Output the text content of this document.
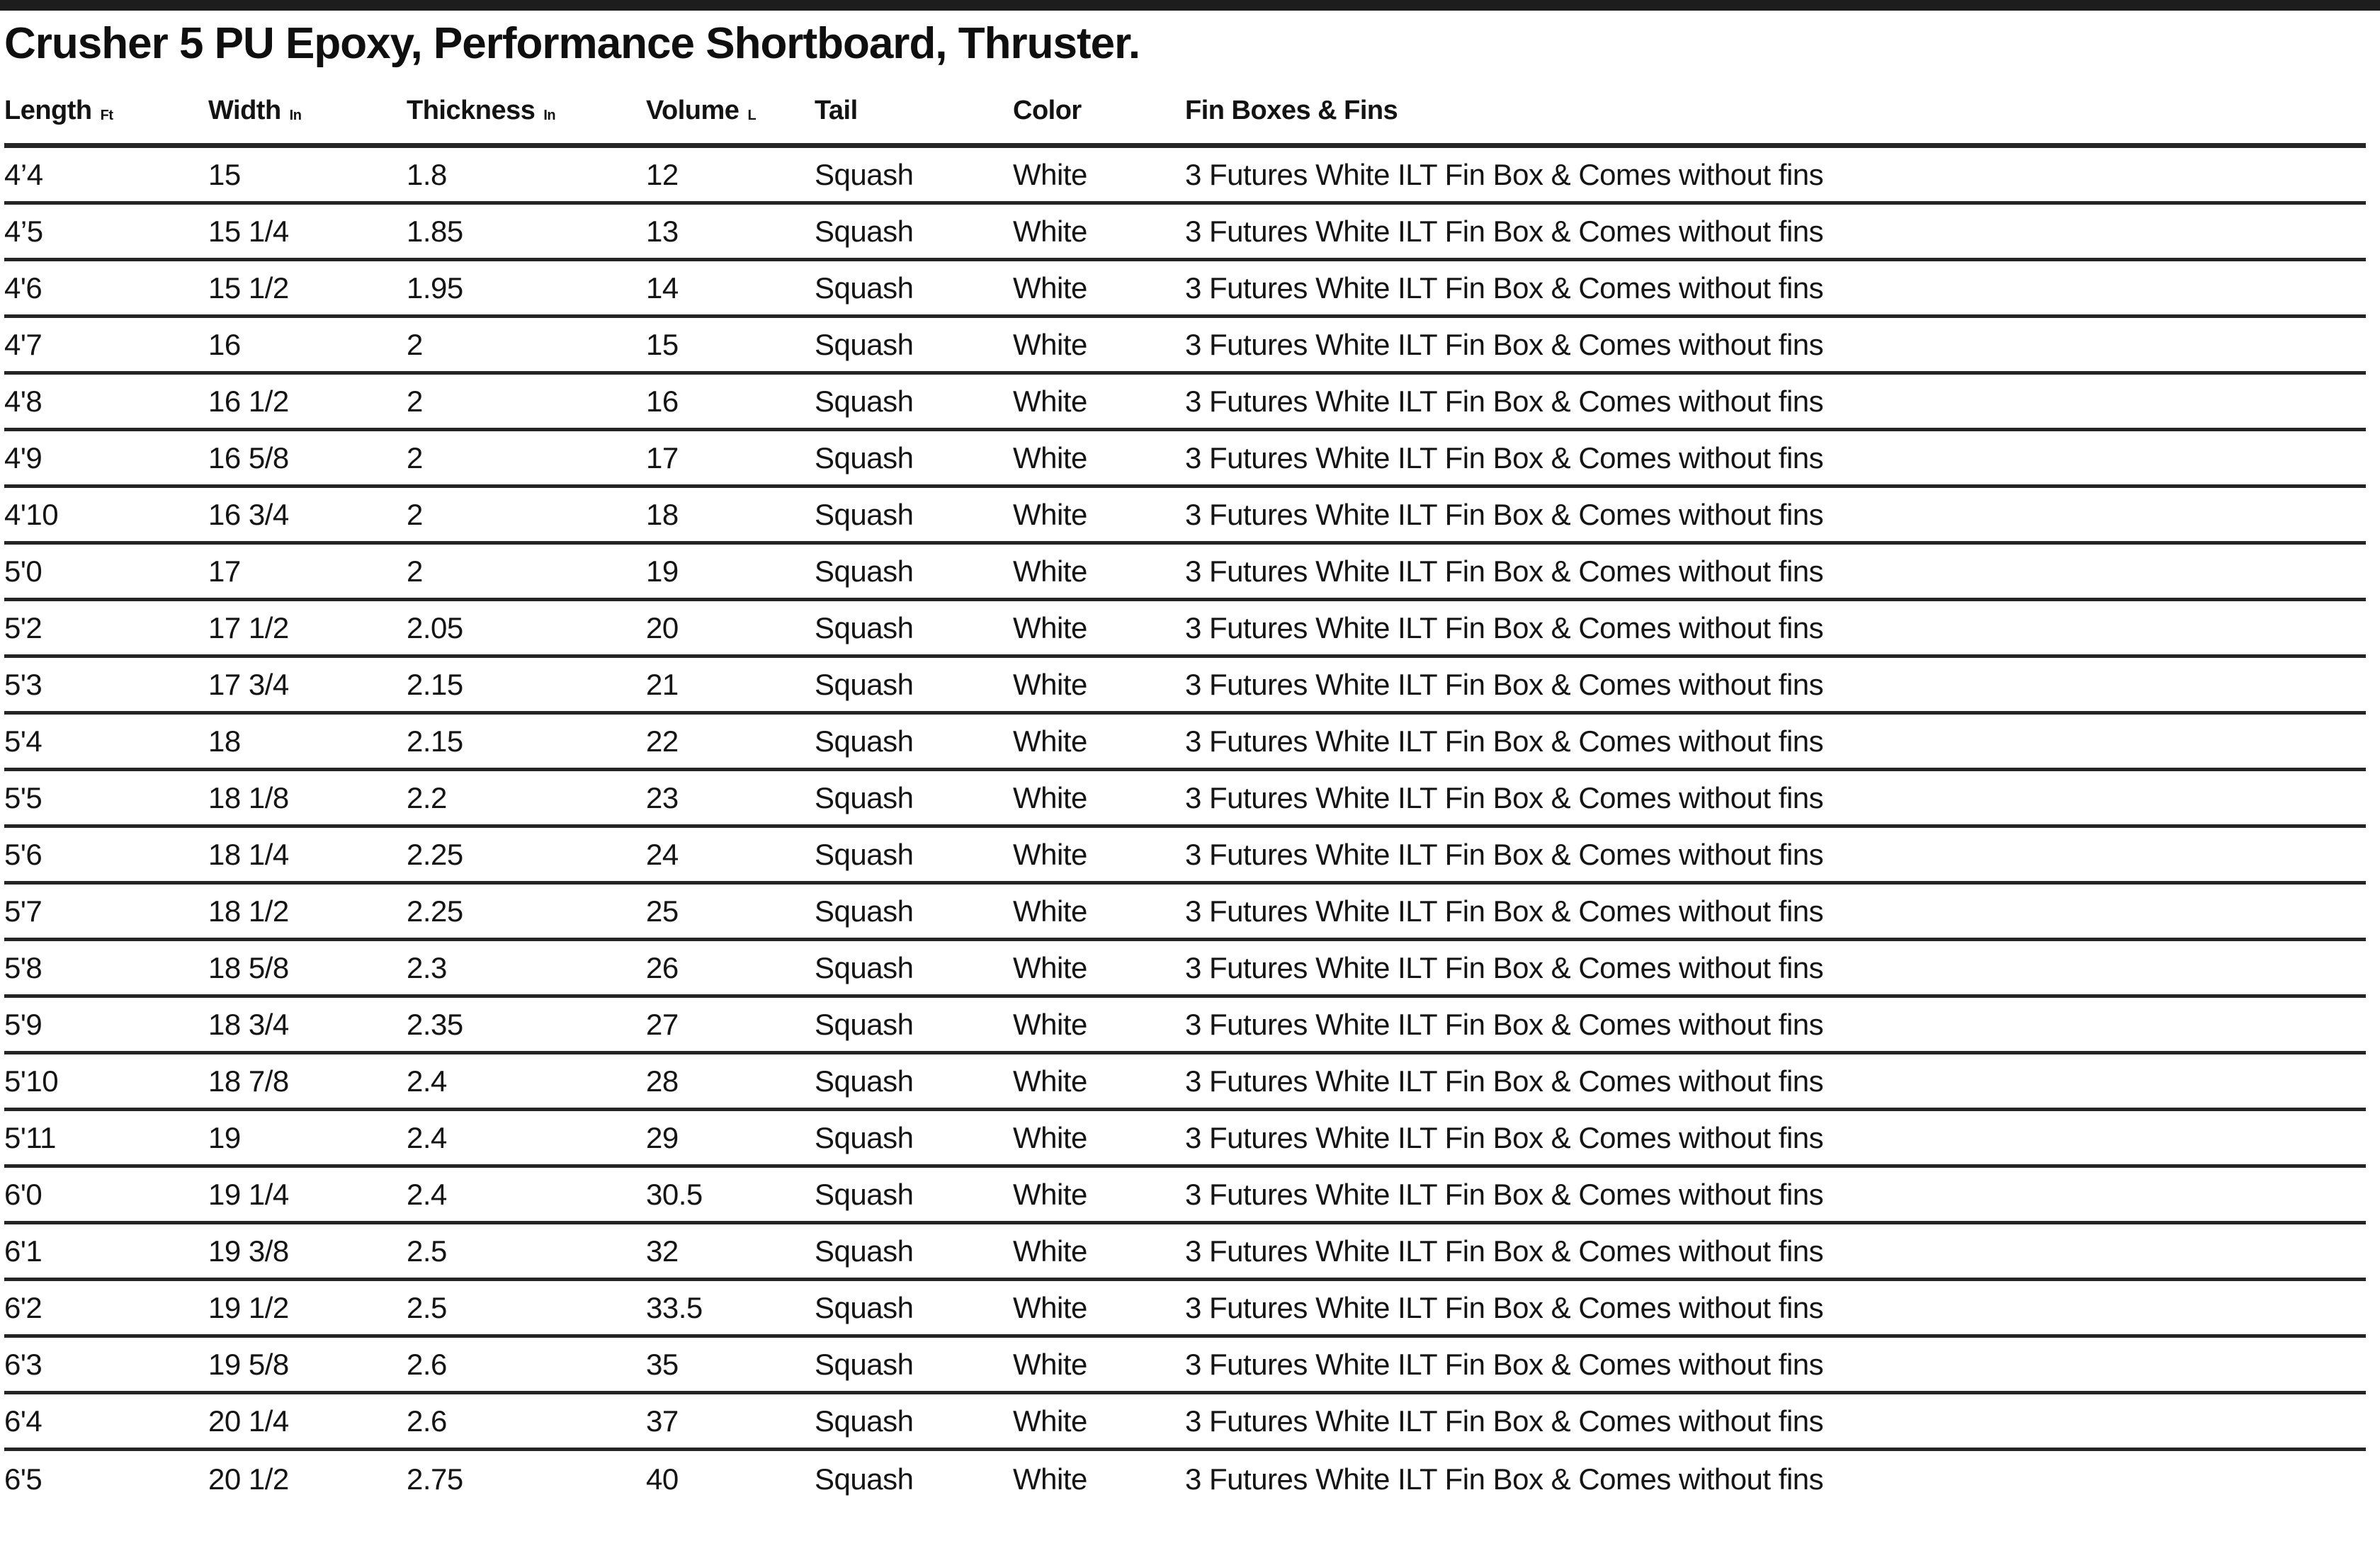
Crusher 5 PU Epoxy, Performance Shortboard, Thruster.
Length Ft	Width In	Thickness In	Volume L	Tail	Color	Fin Boxes & Fins
4’4	15	1.8	12	Squash	White	3 Futures White ILT Fin Box & Comes without fins
4’5	15 1/4	1.85	13	Squash	White	3 Futures White ILT Fin Box & Comes without fins
4'6	15 1/2	1.95	14	Squash	White	3 Futures White ILT Fin Box & Comes without fins
4'7	16	2	15	Squash	White	3 Futures White ILT Fin Box & Comes without fins
4'8	16 1/2	2	16	Squash	White	3 Futures White ILT Fin Box & Comes without fins
4'9	16 5/8	2	17	Squash	White	3 Futures White ILT Fin Box & Comes without fins
4'10	16 3/4	2	18	Squash	White	3 Futures White ILT Fin Box & Comes without fins
5'0	17	2	19	Squash	White	3 Futures White ILT Fin Box & Comes without fins
5'2	17 1/2	2.05	20	Squash	White	3 Futures White ILT Fin Box & Comes without fins
5'3	17 3/4	2.15	21	Squash	White	3 Futures White ILT Fin Box & Comes without fins
5'4	18	2.15	22	Squash	White	3 Futures White ILT Fin Box & Comes without fins
5'5	18 1/8	2.2	23	Squash	White	3 Futures White ILT Fin Box & Comes without fins
5'6	18 1/4	2.25	24	Squash	White	3 Futures White ILT Fin Box & Comes without fins
5'7	18 1/2	2.25	25	Squash	White	3 Futures White ILT Fin Box & Comes without fins
5'8	18 5/8	2.3	26	Squash	White	3 Futures White ILT Fin Box & Comes without fins
5'9	18 3/4	2.35	27	Squash	White	3 Futures White ILT Fin Box & Comes without fins
5'10	18 7/8	2.4	28	Squash	White	3 Futures White ILT Fin Box & Comes without fins
5'11	19	2.4	29	Squash	White	3 Futures White ILT Fin Box & Comes without fins
6'0	19 1/4	2.4	30.5	Squash	White	3 Futures White ILT Fin Box & Comes without fins
6'1	19 3/8	2.5	32	Squash	White	3 Futures White ILT Fin Box & Comes without fins
6'2	19 1/2	2.5	33.5	Squash	White	3 Futures White ILT Fin Box & Comes without fins
6'3	19 5/8	2.6	35	Squash	White	3 Futures White ILT Fin Box & Comes without fins
6'4	20 1/4	2.6	37	Squash	White	3 Futures White ILT Fin Box & Comes without fins
6'5	20 1/2	2.75	40	Squash	White	3 Futures White ILT Fin Box & Comes without fins
